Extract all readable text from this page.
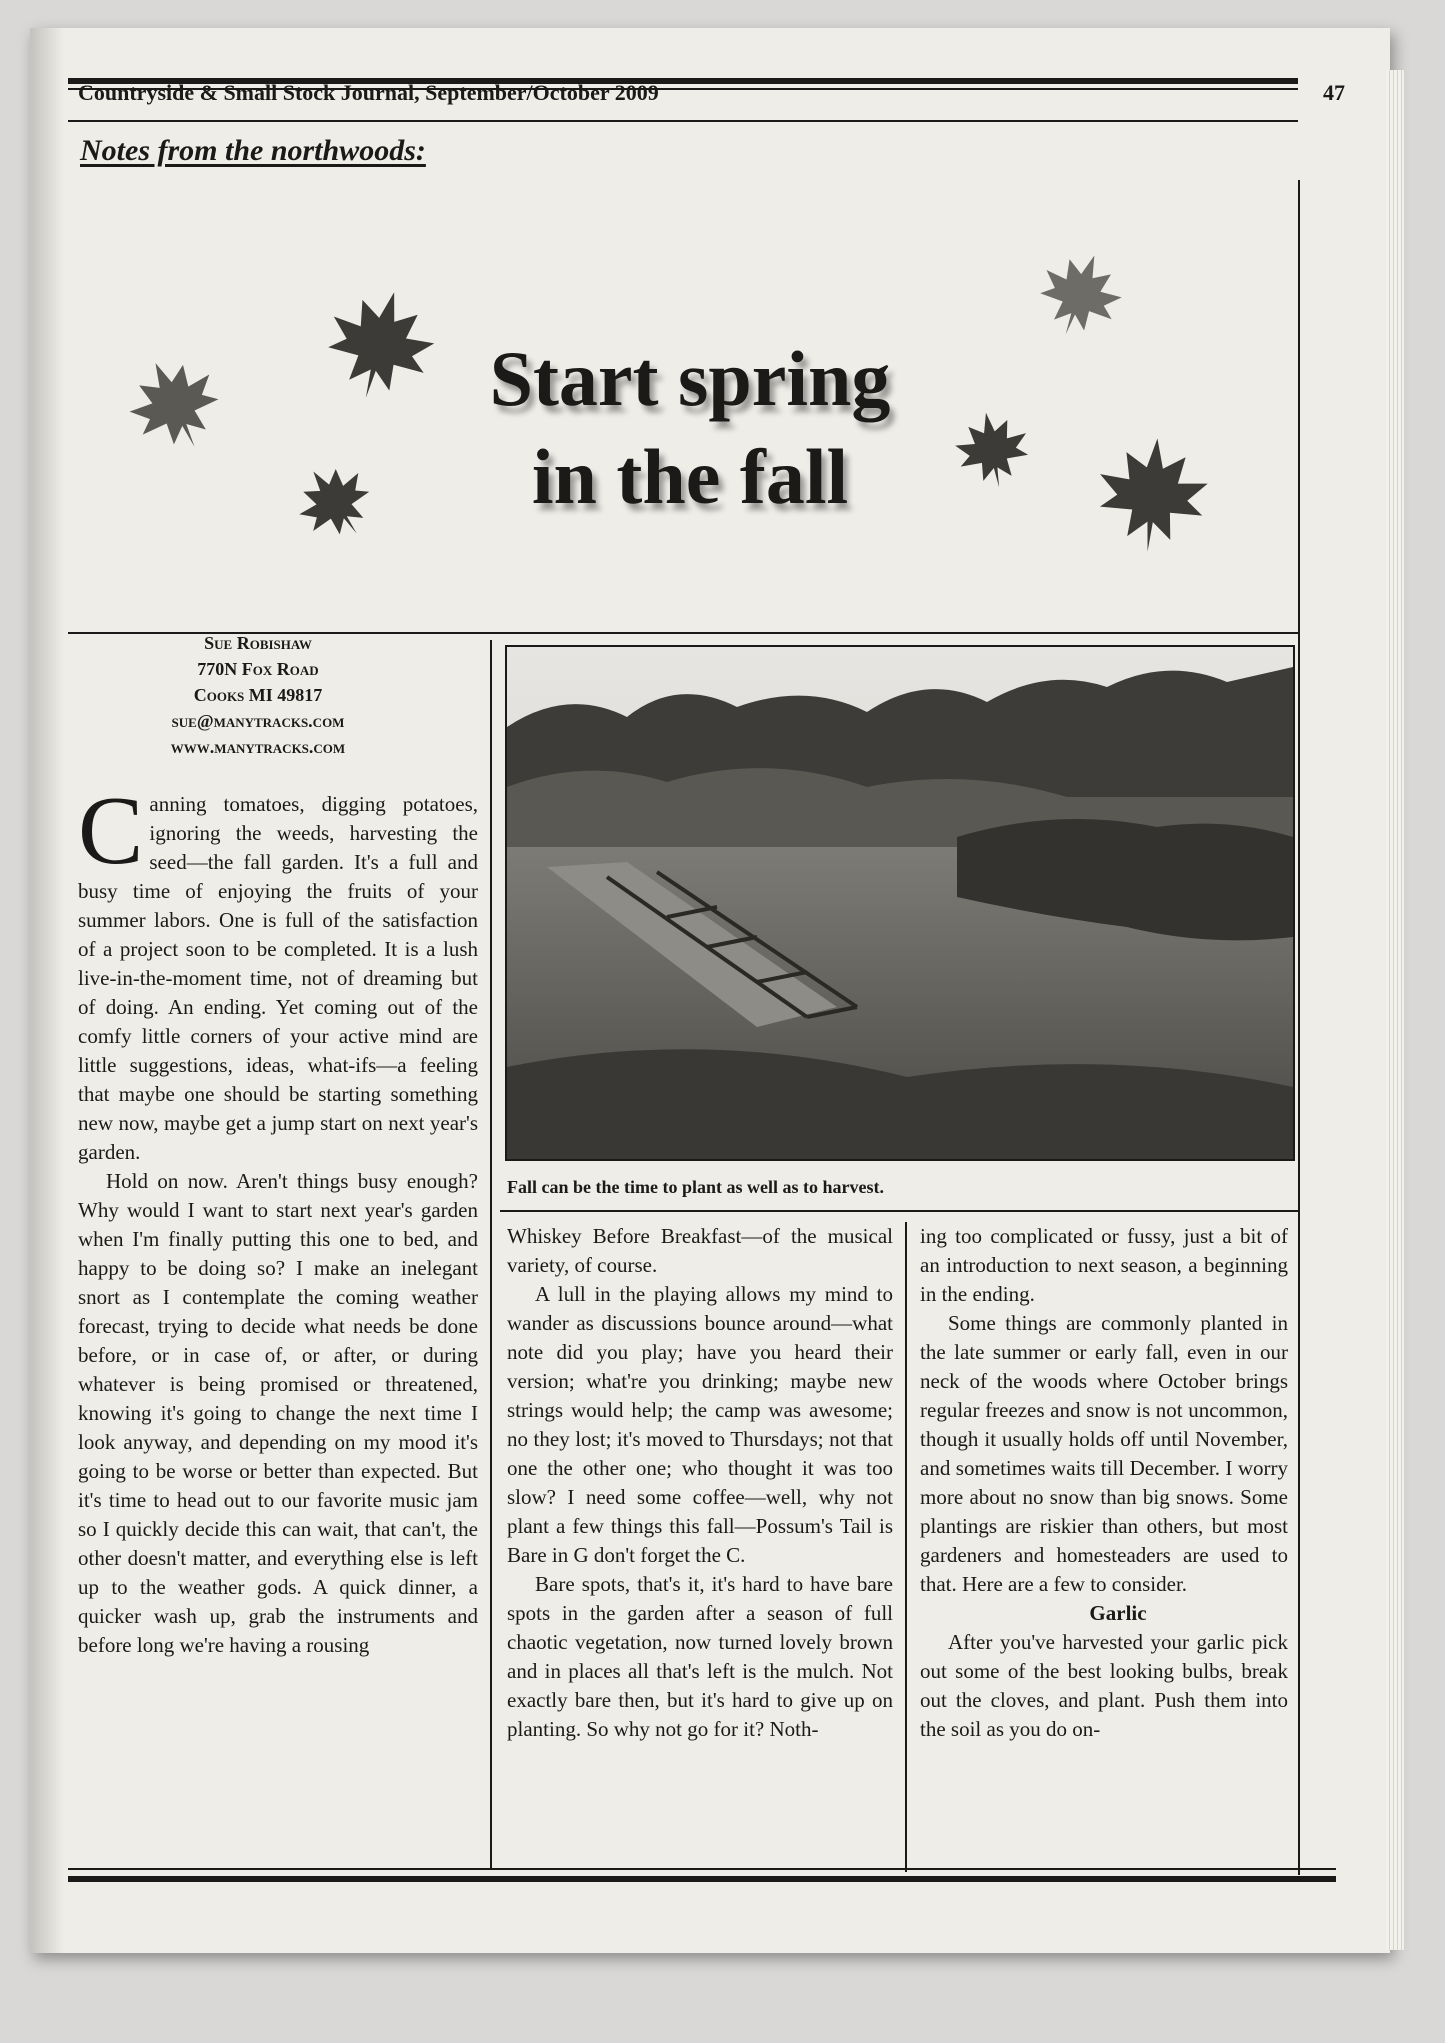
Countryside & Small Stock Journal, September/October 2009	47
Notes from the northwoods:
Start spring
in the fall
Sue Robishaw
770N Fox Road
Cooks MI 49817
sue@manytracks.com
www.manytracks.com
Fall can be the time to plant as well as to harvest.

Canning tomatoes, digging potatoes, ignoring the weeds, harvesting the seed—the fall garden. It's a full and busy time of enjoying the fruits of your summer labors. One is full of the satisfaction of a project soon to be completed. It is a lush live-in-the-moment time, not of dreaming but of doing. An ending. Yet coming out of the comfy little corners of your active mind are little suggestions, ideas, what-ifs—a feeling that maybe one should be starting something new now, maybe get a jump start on next year's garden.

Hold on now. Aren't things busy enough? Why would I want to start next year's garden when I'm finally putting this one to bed, and happy to be doing so? I make an inelegant snort as I contemplate the coming weather forecast, trying to decide what needs be done before, or in case of, or after, or during whatever is being promised or threatened, knowing it's going to change the next time I look anyway, and depending on my mood it's going to be worse or better than expected. But it's time to head out to our favorite music jam so I quickly decide this can wait, that can't, the other doesn't matter, and everything else is left up to the weather gods. A quick dinner, a quicker wash up, grab the instruments and before long we're having a rousing

Whiskey Before Breakfast—of the musical variety, of course.

A lull in the playing allows my mind to wander as discussions bounce around—what note did you play; have you heard their version; what're you drinking; maybe new strings would help; the camp was awesome; no they lost; it's moved to Thursdays; not that one the other one; who thought it was too slow? I need some coffee—well, why not plant a few things this fall—Possum's Tail is Bare in G don't forget the C.

Bare spots, that's it, it's hard to have bare spots in the garden after a season of full chaotic vegetation, now turned lovely brown and in places all that's left is the mulch. Not exactly bare then, but it's hard to give up on planting. So why not go for it? Noth-

ing too complicated or fussy, just a bit of an introduction to next season, a beginning in the ending.

Some things are commonly planted in the late summer or early fall, even in our neck of the woods where October brings regular freezes and snow is not uncommon, though it usually holds off until November, and sometimes waits till December. I worry more about no snow than big snows. Some plantings are riskier than others, but most gardeners and homesteaders are used to that. Here are a few to consider.

Garlic

After you've harvested your garlic pick out some of the best looking bulbs, break out the cloves, and plant. Push them into the soil as you do on-
